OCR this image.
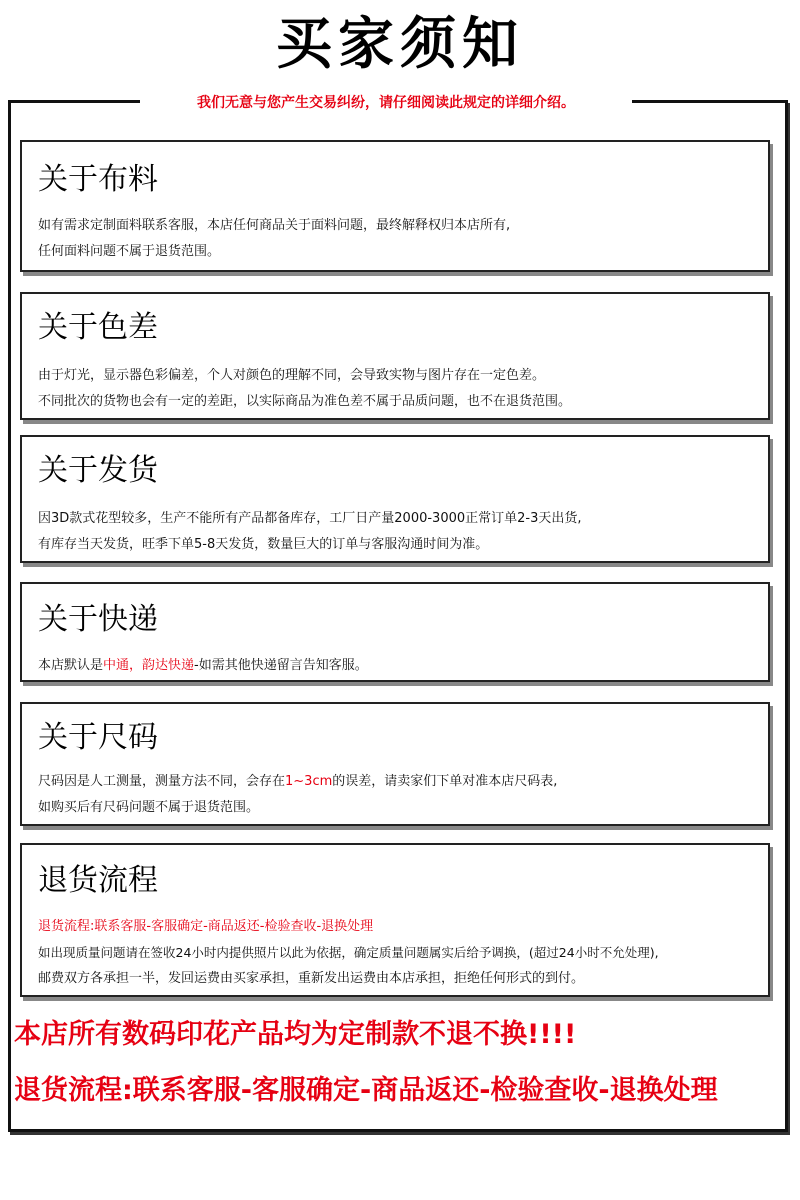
买家须知
我们无意与您产生交易纠纷，请仔细阅读此规定的详细介绍。
关于布料
如有需求定制面料联系客服，本店任何商品关于面料问题，最终解释权归本店所有,
任何面料问题不属于退货范围。
关于色差
由于灯光，显示器色彩偏差，个人对颜色的理解不同，会导致实物与图片存在一定色差。
不同批次的货物也会有一定的差距，以实际商品为准色差不属于品质问题，也不在退货范围。
关于发货
因3D款式花型较多，生产不能所有产品都备库存，工厂日产量2000-3000正常订单2-3天出货,
有库存当天发货，旺季下单5-8天发货，数量巨大的订单与客服沟通时间为准。
关于快递
本店默认是中通，韵达快递-如需其他快递留言告知客服。
关于尺码
尺码因是人工测量，测量方法不同，会存在1~3cm的误差，请卖家们下单对准本店尺码表,
如购买后有尺码问题不属于退货范围。
退货流程
退货流程:联系客服-客服确定-商品返还-检验查收-退换处理
如出现质量问题请在签收24小时内提供照片以此为依据，确定质量问题属实后给予调换，(超过24小时不允处理),
邮费双方各承担一半，发回运费由买家承担，重新发出运费由本店承担，拒绝任何形式的到付。
本店所有数码印花产品均为定制款不退不换!!!!
退货流程:联系客服-客服确定-商品返还-检验查收-退换处理
